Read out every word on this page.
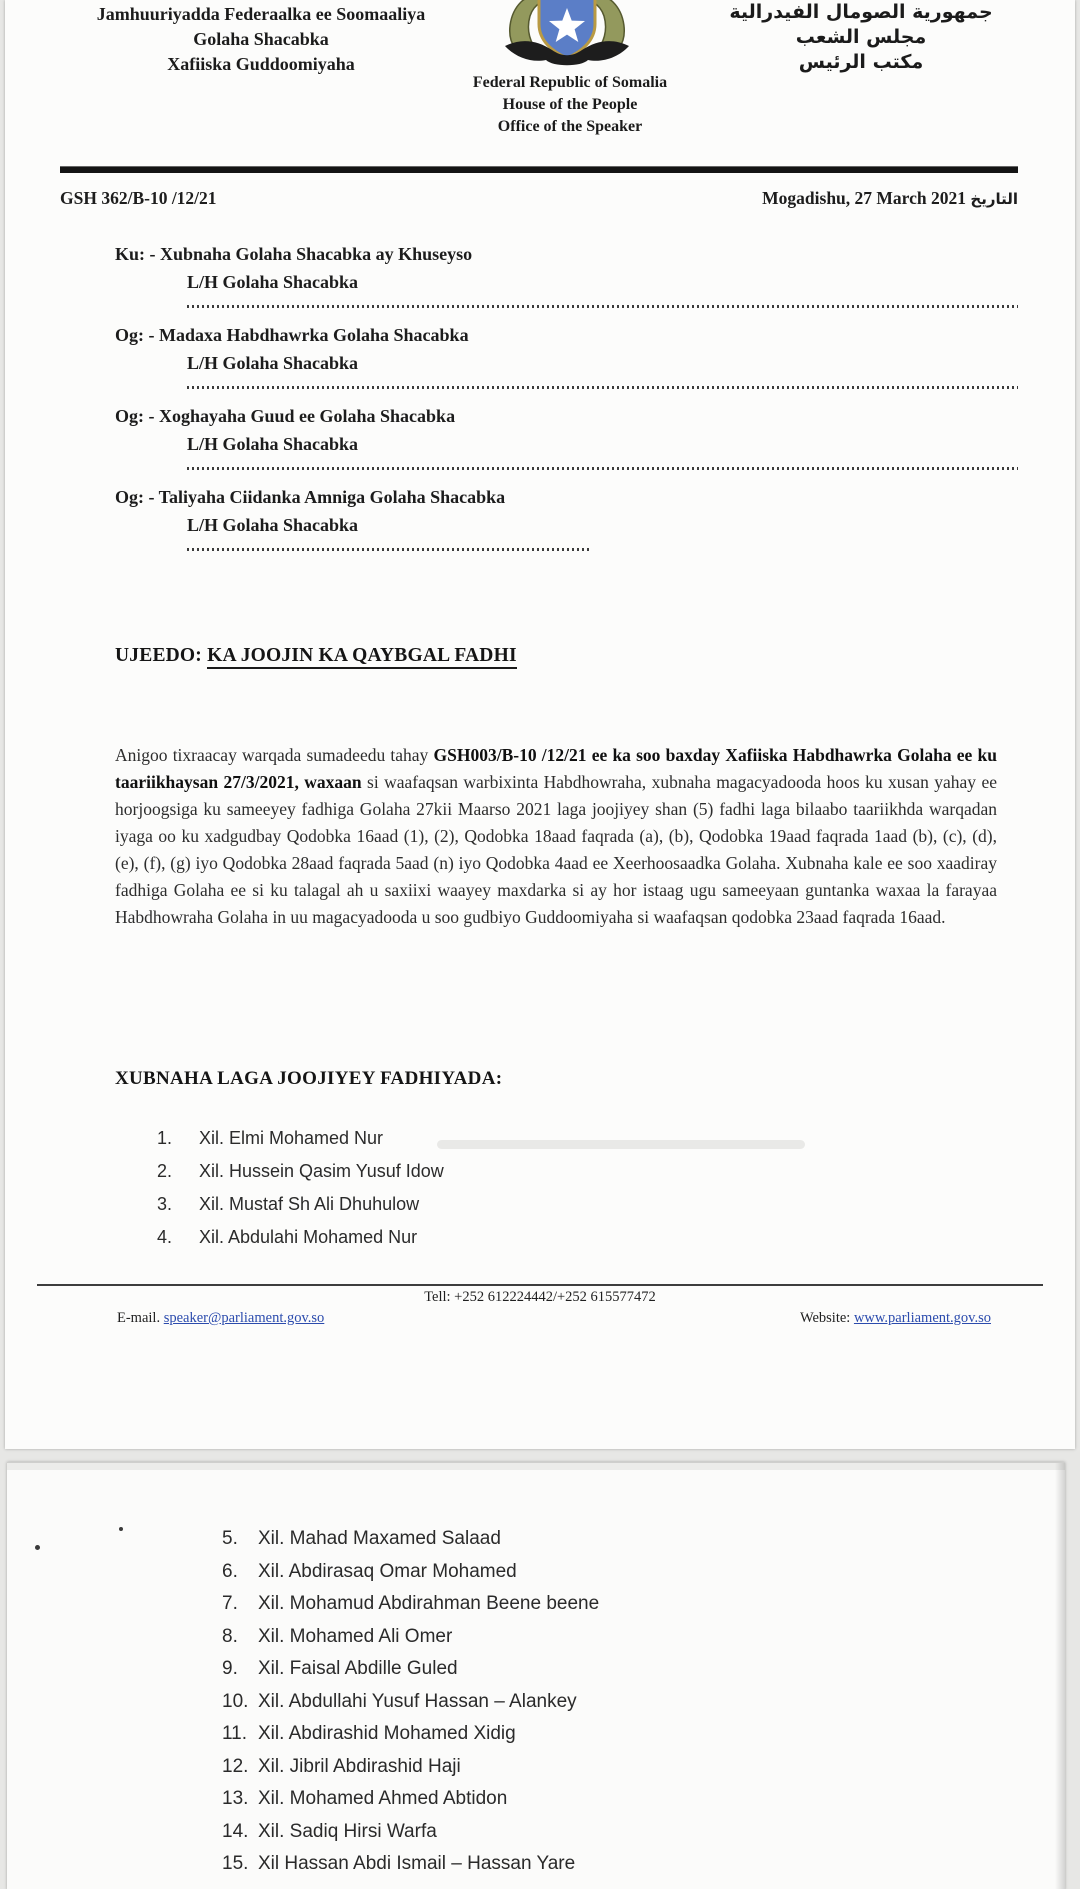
Jamhuuriyadda Federaalka ee Soomaaliya
Golaha Shacabka
Xafiiska Guddoomiyaha
جمهورية الصومال الفيدرالية
مجلس الشعب
مكتب الرئيس
Federal Republic of Somalia
House of the People
Office of the Speaker
GSH 362/B-10 /12/21	Mogadishu, 27 March 2021 التاريخ
Ku: - Xubnaha Golaha Shacabka ay Khuseyso
L/H Golaha Shacabka
Og: - Madaxa Habdhawrka Golaha Shacabka
L/H Golaha Shacabka
Og: - Xoghayaha Guud ee Golaha Shacabka
L/H Golaha Shacabka
Og: - Taliyaha Ciidanka Amniga Golaha Shacabka
L/H Golaha Shacabka
UJEEDO: KA JOOJIN KA QAYBGAL FADHI
Anigoo tixraacay warqada sumadeedu tahay GSH003/B-10 /12/21 ee ka soo baxday Xafiiska Habdhawrka Golaha ee ku taariikhaysan 27/3/2021, waxaan si waafaqsan warbixinta Habdhowraha, xubnaha magacyadooda hoos ku xusan yahay ee horjoogsiga ku sameeyey fadhiga Golaha 27kii Maarso 2021 laga joojiyey shan (5) fadhi laga bilaabo taariikhda warqadan iyaga oo ku xadgudbay Qodobka 16aad (1), (2), Qodobka 18aad faqrada (a), (b), Qodobka 19aad faqrada 1aad (b), (c), (d), (e), (f), (g) iyo Qodobka 28aad faqrada 5aad (n) iyo Qodobka 4aad ee Xeerhoosaadka Golaha. Xubnaha kale ee soo xaadiray fadhiga Golaha ee si ku talagal ah u saxiixi waayey maxdarka si ay hor istaag ugu sameeyaan guntanka waxaa la farayaa Habdhowraha Golaha in uu magacyadooda u soo gudbiyo Guddoomiyaha si waafaqsan qodobka 23aad faqrada 16aad.
XUBNAHA LAGA JOOJIYEY FADHIYADA:
1. Xil. Elmi Mohamed Nur
2. Xil. Hussein Qasim Yusuf Idow
3. Xil. Mustaf Sh Ali Dhuhulow
4. Xil. Abdulahi Mohamed Nur
Tell: +252 612224442/+252 615577472
E-mail. speaker@parliament.gov.so	Website: www.parliament.gov.so
5. Xil. Mahad Maxamed Salaad
6. Xil. Abdirasaq Omar Mohamed
7. Xil. Mohamud Abdirahman Beene beene
8. Xil. Mohamed Ali Omer
9. Xil. Faisal Abdille Guled
10. Xil. Abdullahi Yusuf Hassan – Alankey
11. Xil. Abdirashid Mohamed Xidig
12. Xil. Jibril Abdirashid Haji
13. Xil. Mohamed Ahmed Abtidon
14. Xil. Sadiq Hirsi Warfa
15. Xil Hassan Abdi Ismail – Hassan Yare
